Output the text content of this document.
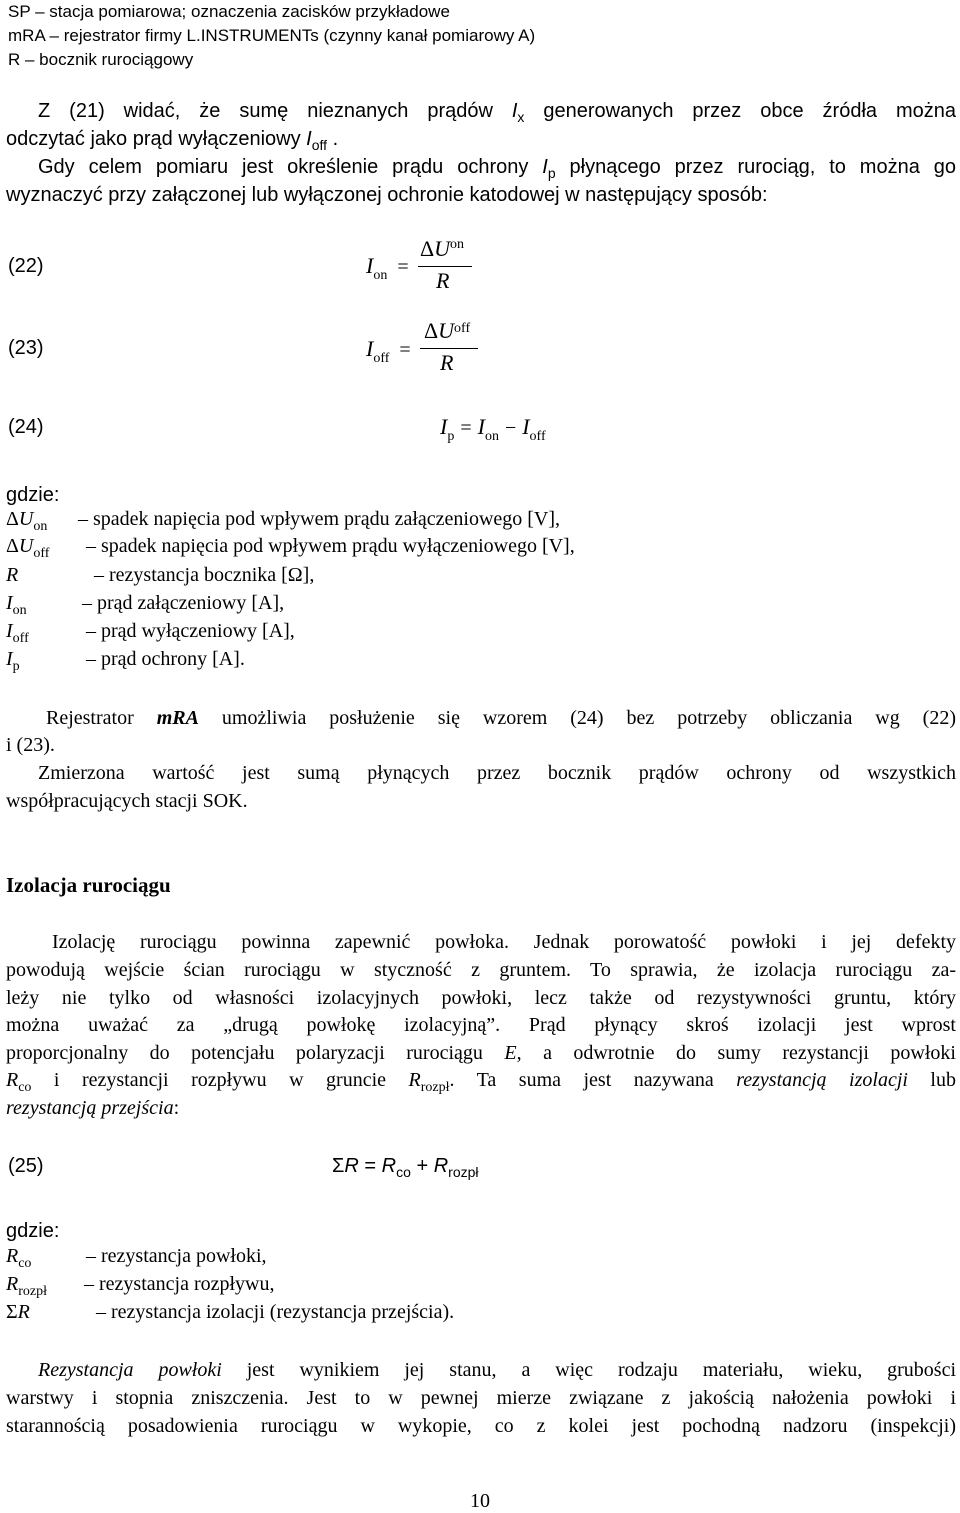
SP – stacja pomiarowa; oznaczenia zacisków przykładowe
mRA – rejestrator firmy L.INSTRUMENTs (czynny kanał pomiarowy A)
R – bocznik rurociągowy
Z (21) widać, że sumę nieznanych prądów $I_x$ generowanych przez obce źródła można
odczytać jako prąd wyłączeniowy $I_{off}$ .
Gdy celem pomiaru jest określenie prądu ochrony $I_p$ płynącego przez rurociąg, to można go
wyznaczyć przy załączonej lub wyłączonej ochronie katodowej w następujący sposób:
(22)	Ion =
$\Delta U^{on}$
R
(23)	Ioff =
$\Delta U^{off}$
R
(24)	Ip = Ion − Ioff
gdzie:
$\Delta U_{on}$ – spadek napięcia pod wpływem prądu załączeniowego [V],
$\Delta U_{off}$ – spadek napięcia pod wpływem prądu wyłączeniowego [V],
R	– rezystancja bocznika [Ω],
$I_{on}$	– prąd załączeniowy [A],
$I_{off}$	– prąd wyłączeniowy [A],
$I_p$	– prąd ochrony [A].
Rejestrator mRA umożliwia posłużenie się wzorem (24) bez potrzeby obliczania wg (22)
i (23).
Zmierzona wartość jest sumą płynących przez bocznik prądów ochrony od wszystkich
współpracujących stacji SOK.
Izolacja rurociągu
Izolację rurociągu powinna zapewnić powłoka. Jednak porowatość powłoki i jej defekty
powodują wejście ścian rurociągu w styczność z gruntem. To sprawia, że izolacja rurociągu za-
leży nie tylko od własności izolacyjnych powłoki, lecz także od rezystywności gruntu, który
można uważać za „drugą powłokę izolacyjną”. Prąd płynący skroś izolacji jest wprost
proporcjonalny do potencjału polaryzacji rurociągu E, a odwrotnie do sumy rezystancji powłoki
$R_{co}$ i rezystancji rozpływu w gruncie $R_{rozpł}$. Ta suma jest nazywana rezystancją izolacji lub
rezystancją przejścia:
(25)	$\Sigma R = R_{co} + R_{rozpł}$
gdzie:
$R_{co}$	– rezystancja powłoki,
$R_{rozpł}$ – rezystancja rozpływu,
ΣR	– rezystancja izolacji (rezystancja przejścia).
Rezystancja powłoki jest wynikiem jej stanu, a więc rodzaju materiału, wieku, grubości
warstwy i stopnia zniszczenia. Jest to w pewnej mierze związane z jakością nałożenia powłoki i
starannością posadowienia rurociągu w wykopie, co z kolei jest pochodną nadzoru (inspekcji)
10
